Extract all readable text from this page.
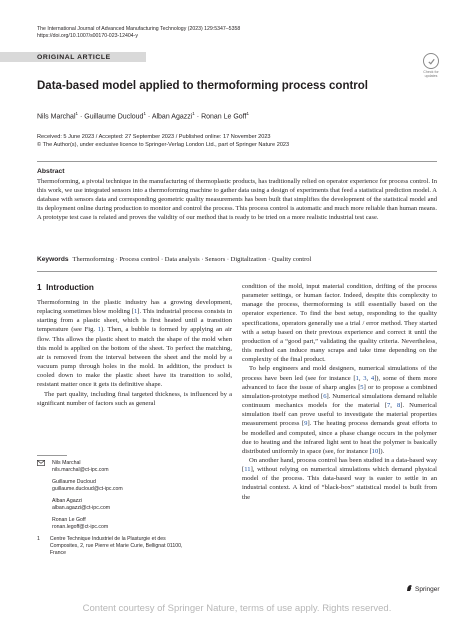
The International Journal of Advanced Manufacturing Technology (2023) 129:5347–5358
https://doi.org/10.1007/s00170-023-12404-y
ORIGINAL ARTICLE
Check for
updates
Data-based model applied to thermoforming process control
Nils Marchal$^1$ · Guillaume Ducloud$^1$ · Alban Agazzi$^1$ · Ronan Le Goff$^1$
Received: 5 June 2023 / Accepted: 27 September 2023 / Published online: 17 November 2023
© The Author(s), under exclusive licence to Springer-Verlag London Ltd., part of Springer Nature 2023
Abstract
Thermoforming, a pivotal technique in the manufacturing of thermoplastic products, has traditionally relied on operator experience for process control. In this work, we use integrated sensors into a thermoforming machine to gather data using a design of experiments that feed a statistical prediction model. A database with sensors data and corresponding geometric quality measurements has been built that simplifies the development of the statistical model and its deployment online during production to monitor and control the process. This process control is automatic and much more reliable than human means. A prototype test case is related and proves the validity of our method that is ready to be tried on a more realistic industrial test case.
Keywords Thermoforming · Process control · Data analysis · Sensors · Digitalization · Quality control
1 Introduction

Thermoforming in the plastic industry has a growing development, replacing sometimes blow molding [1]. This industrial process consists in starting from a plastic sheet, which is first heated until a transition temperature (see Fig. 1). Then, a bubble is formed by applying an air flow. This allows the plastic sheet to match the shape of the mold when this mold is applied on the bottom of the sheet. To perfect the matching, air is removed from the interval between the sheet and the mold by a vacuum pump through holes in the mold. In addition, the product is cooled down to make the plastic sheet have its transition to solid, resistant matter once it gets its definitive shape.

The part quality, including final targeted thickness, is influenced by a significant number of factors such as general

Nils Marchal
nils.marchal@ct-ipc.com
Guillaume Ducloud
guillaume.ducloud@ct-ipc.com
Alban Agazzi
alban.agazzi@ct-ipc.com
Ronan Le Goff
ronan.legoff@ct-ipc.com
1 Centre Technique Industriel de la Plasturgie et des
Composites, 2, rue Pierre et Marie Curie, Bellignat 01100,
France

condition of the mold, input material condition, drifting of the process parameter settings, or human factor. Indeed, despite this complexity to manage the process, thermoforming is still essentially based on the operator experience. To find the best setup, responding to the quality specifications, operators generally use a trial / error method. They started with a setup based on their previous experience and correct it until the production of a “good part,” validating the quality criteria. Nevertheless, this method can induce many scraps and take time depending on the complexity of the final product.

To help engineers and mold designers, numerical simulations of the process have been led (see for instance [1, 3, 4]), some of them more advanced to face the issue of sharp angles [5] or to propose a combined simulation-prototype method [6]. Numerical simulations demand reliable continuum mechanics models for the material [7, 8]. Numerical simulation itself can prove useful to investigate the material properties measurement process [9]. The heating process demands great efforts to be modelled and computed, since a phase change occurs in the polymer due to heating and the infrared light sent to heat the polymer is basically distributed uniformly in space (see, for instance [10]).

On another hand, process control has been studied in a data-based way [11], without relying on numerical simulations which demand physical model of the process. This data-based way is easier to settle in an industrial context. A kind of “black-box” statistical model is built from the

Springer
Content courtesy of Springer Nature, terms of use apply. Rights reserved.
